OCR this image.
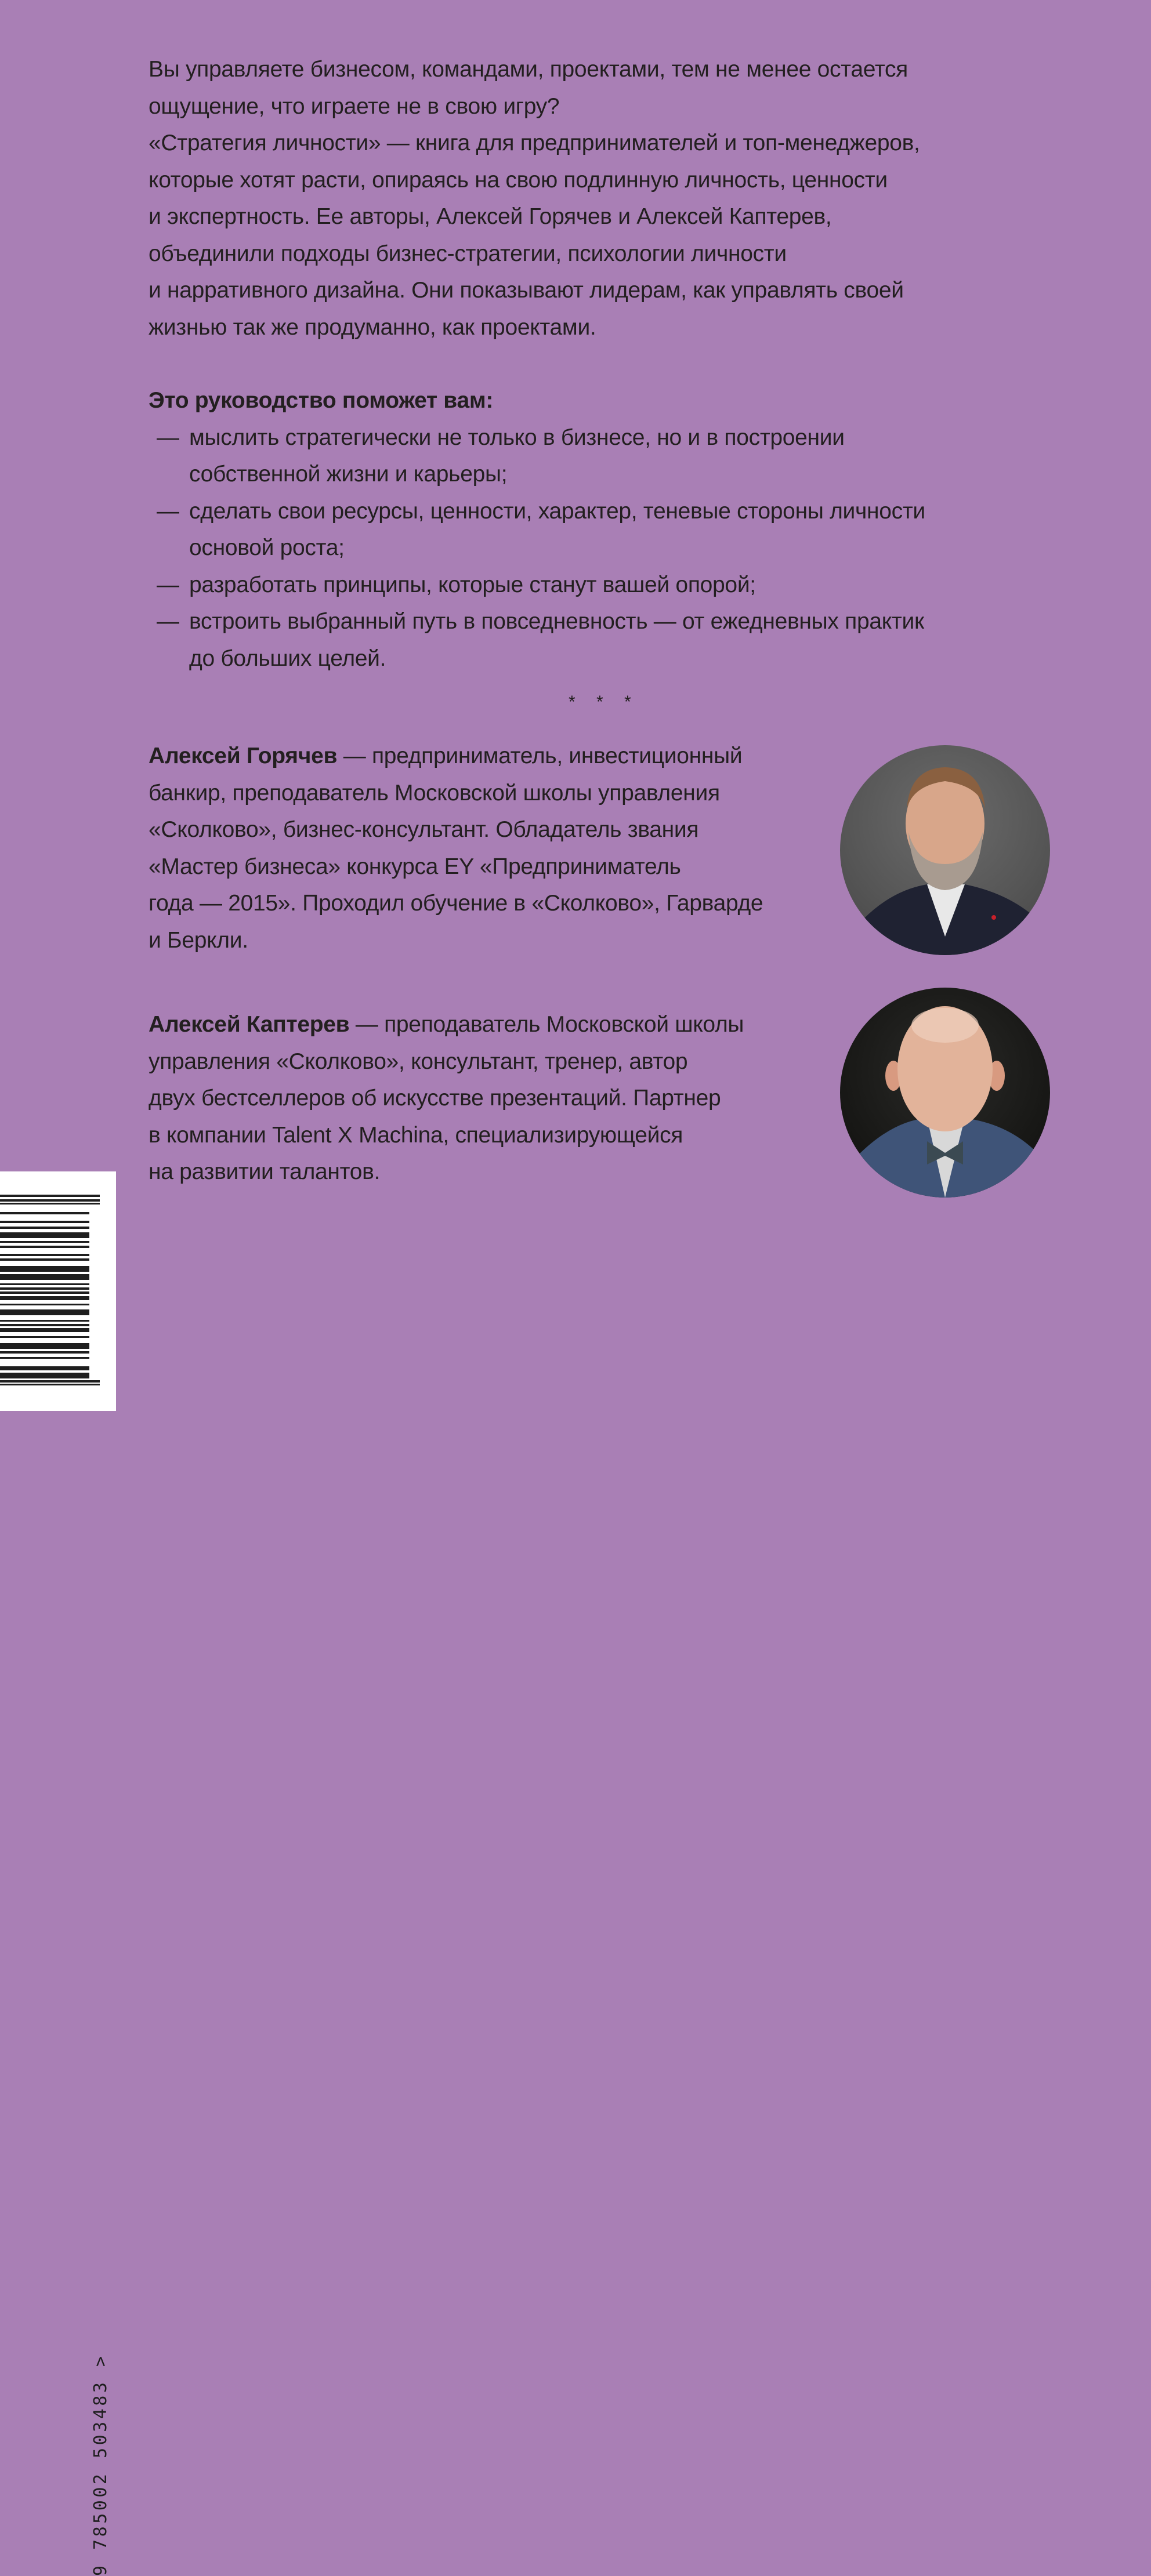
Вы управляете бизнесом, командами, проектами, тем не менее остается
ощущение, что играете не в свою игру?
«Стратегия личности» — книга для предпринимателей и топ-менеджеров,
которые хотят расти, опираясь на свою подлинную личность, ценности
и экспертность. Ее авторы, Алексей Горячев и Алексей Каптерев,
объединили подходы бизнес-стратегии, психологии личности
и нарративного дизайна. Они показывают лидерам, как управлять своей
жизнью так же продуманно, как проектами.
Это руководство поможет вам:
— мыслить стратегически не только в бизнесе, но и в построении
собственной жизни и карьеры;
— сделать свои ресурсы, ценности, характер, теневые стороны личности
основой роста;
— разработать принципы, которые станут вашей опорой;
— встроить выбранный путь в повседневность — от ежедневных практик
до больших целей.
* * *
Алексей Горячев — предприниматель, инвестиционный
банкир, преподаватель Московской школы управления
«Сколково», бизнес-консультант. Обладатель звания
«Мастер бизнеса» конкурса EY «Предприниматель
года — 2015». Проходил обучение в «Сколково», Гарварде
и Беркли.
Алексей Каптерев — преподаватель Московской школы
управления «Сколково», консультант, тренер, автор
двух бестселлеров об искусстве презентаций. Партнер
в компании Talent X Machina, специализирующейся
на развитии талантов.
9 785002 503483 >
